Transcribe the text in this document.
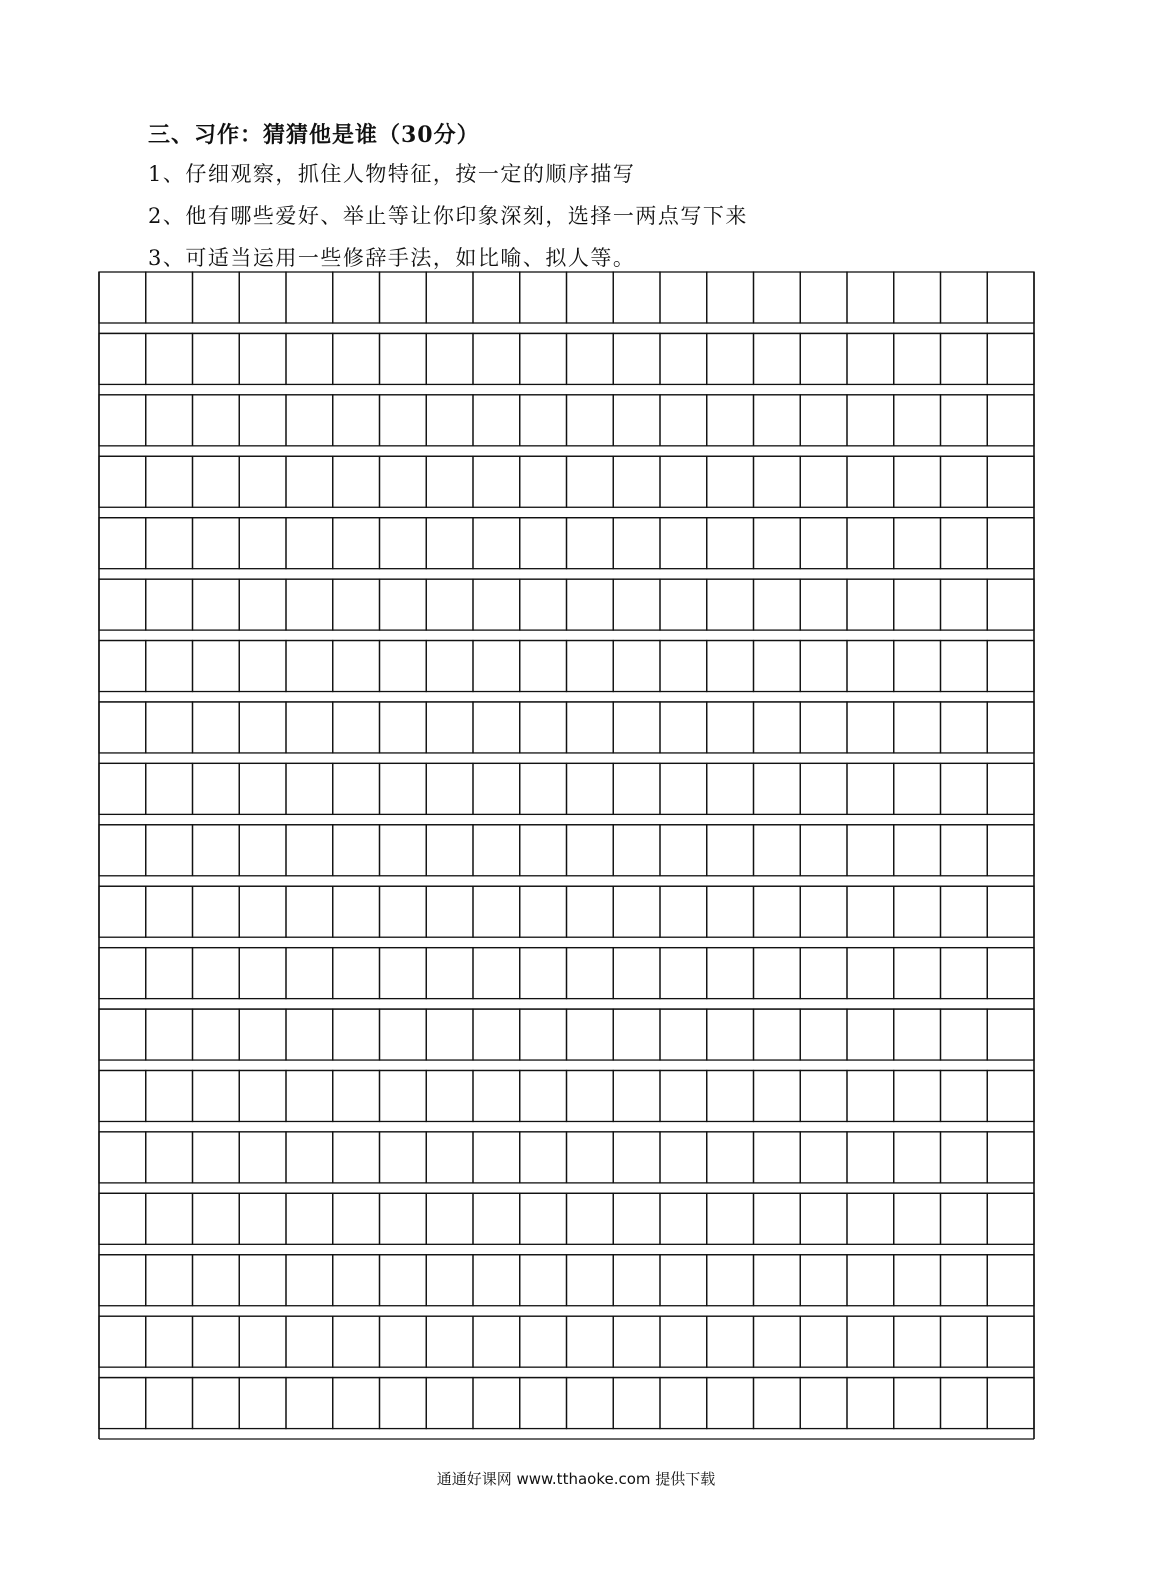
三、习作：猜猜他是谁（30分）
1、仔细观察，抓住人物特征，按一定的顺序描写
2、他有哪些爱好、举止等让你印象深刻，选择一两点写下来
3、可适当运用一些修辞手法，如比喻、拟人等。
通通好课网 www.tthaoke.com 提供下载
